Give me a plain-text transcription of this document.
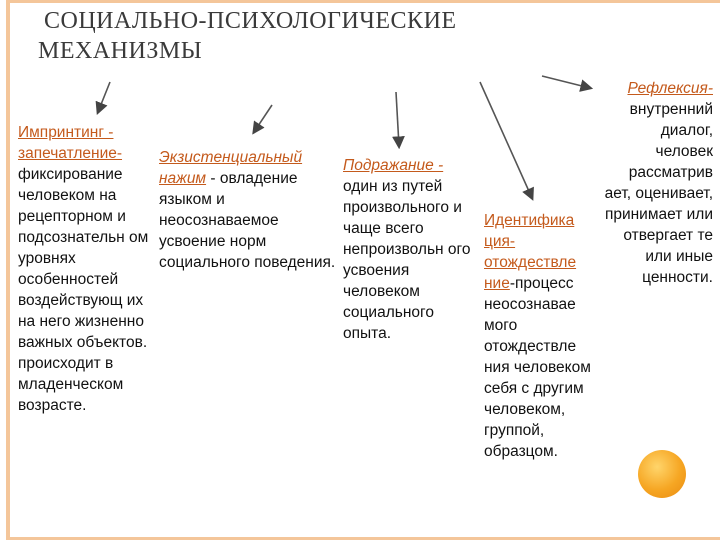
СОЦИАЛЬНО-ПСИХОЛОГИЧЕСКИЕ
МЕХАНИЗМЫ
Импринтинг - запечатление- фиксирование человеком на рецепторном и подсознательн ом уровнях особенностей воздействующ их на него жизненно важных объектов. происходит в младенческом возрасте.
Экзистенциальный нажим - овладение языком и неосознаваемое усвоение норм социального поведения.
Подражание - один из путей произвольного и чаще всего непроизвольн ого усвоения человеком социального опыта.
Идентифика ция- отождествле ние-процесс неосознавае мого отождествле ния человеком себя с другим человеком, группой, образцом.
Рефлексия- внутренний диалог, человек рассматрив ает, оценивает, принимает или отвергает те или иные ценности.
